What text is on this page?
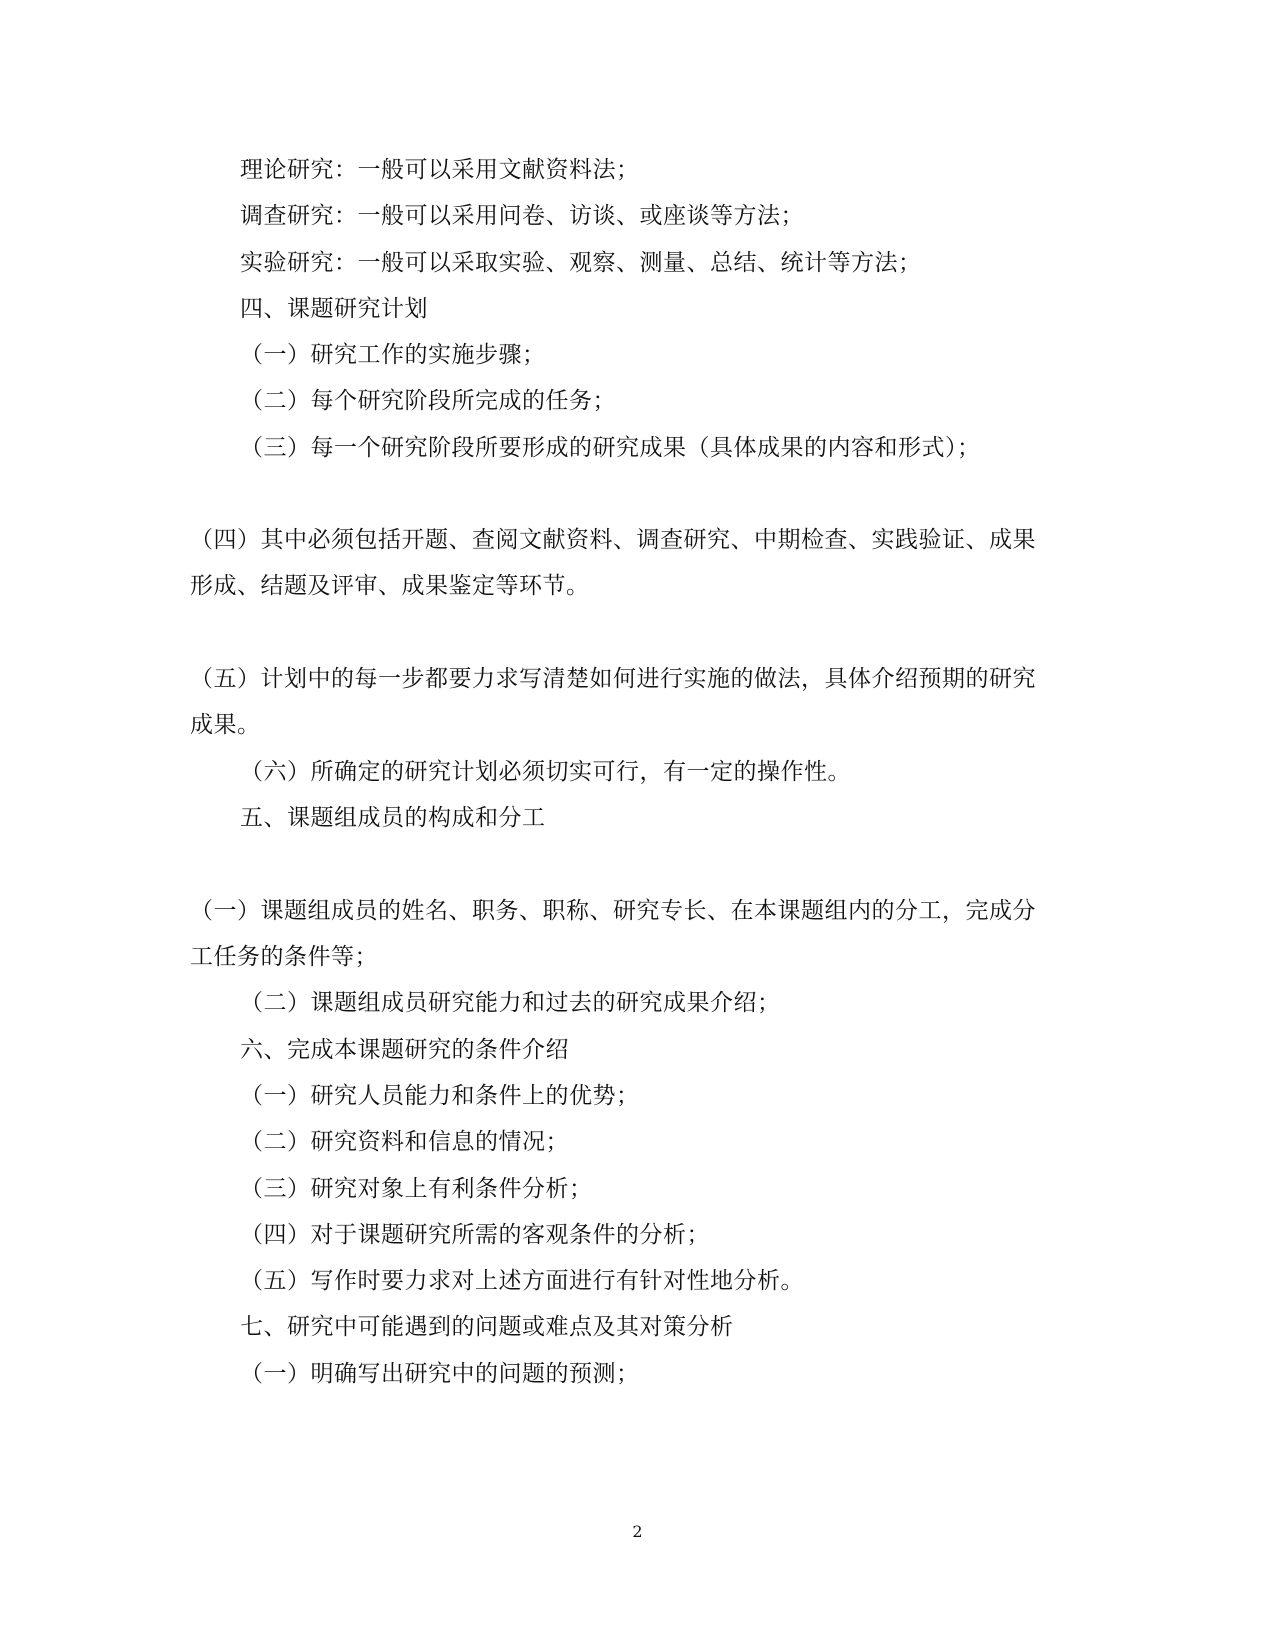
理论研究：一般可以采用文献资料法；
调查研究：一般可以采用问卷、访谈、或座谈等方法；
实验研究：一般可以采取实验、观察、测量、总结、统计等方法；
四、课题研究计划
（一）研究工作的实施步骤；
（二）每个研究阶段所完成的任务；
（三）每一个研究阶段所要形成的研究成果（具体成果的内容和形式）；
（四）其中必须包括开题、查阅文献资料、调查研究、中期检查、实践验证、成果
形成、结题及评审、成果鉴定等环节。
（五）计划中的每一步都要力求写清楚如何进行实施的做法，具体介绍预期的研究
成果。
（六）所确定的研究计划必须切实可行，有一定的操作性。
五、课题组成员的构成和分工
（一）课题组成员的姓名、职务、职称、研究专长、在本课题组内的分工，完成分
工任务的条件等；
（二）课题组成员研究能力和过去的研究成果介绍；
六、完成本课题研究的条件介绍
（一）研究人员能力和条件上的优势；
（二）研究资料和信息的情况；
（三）研究对象上有利条件分析；
（四）对于课题研究所需的客观条件的分析；
（五）写作时要力求对上述方面进行有针对性地分析。
七、研究中可能遇到的问题或难点及其对策分析
（一）明确写出研究中的问题的预测；
2
